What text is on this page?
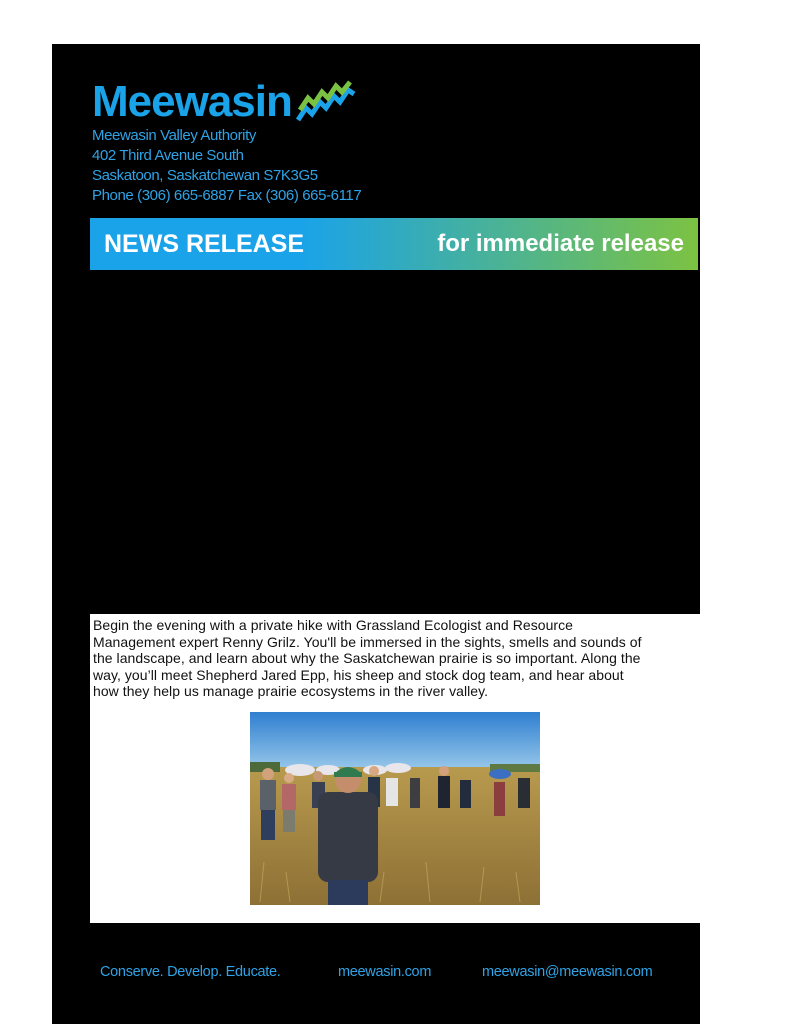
Meewasin
Meewasin Valley Authority
402 Third Avenue South
Saskatoon, Saskatchewan S7K3G5
Phone (306) 665-6887 Fax (306) 665-6117
NEWS RELEASE	for immediate release
Begin the evening with a private hike with Grassland Ecologist and Resource
Management expert Renny Grilz. You'll be immersed in the sights, smells and sounds of
the landscape, and learn about why the Saskatchewan prairie is so important. Along the
way, you’ll meet Shepherd Jared Epp, his sheep and stock dog team, and hear about
how they help us manage prairie ecosystems in the river valley.
Conserve. Develop. Educate.	meewasin.com	meewasin@meewasin.com
